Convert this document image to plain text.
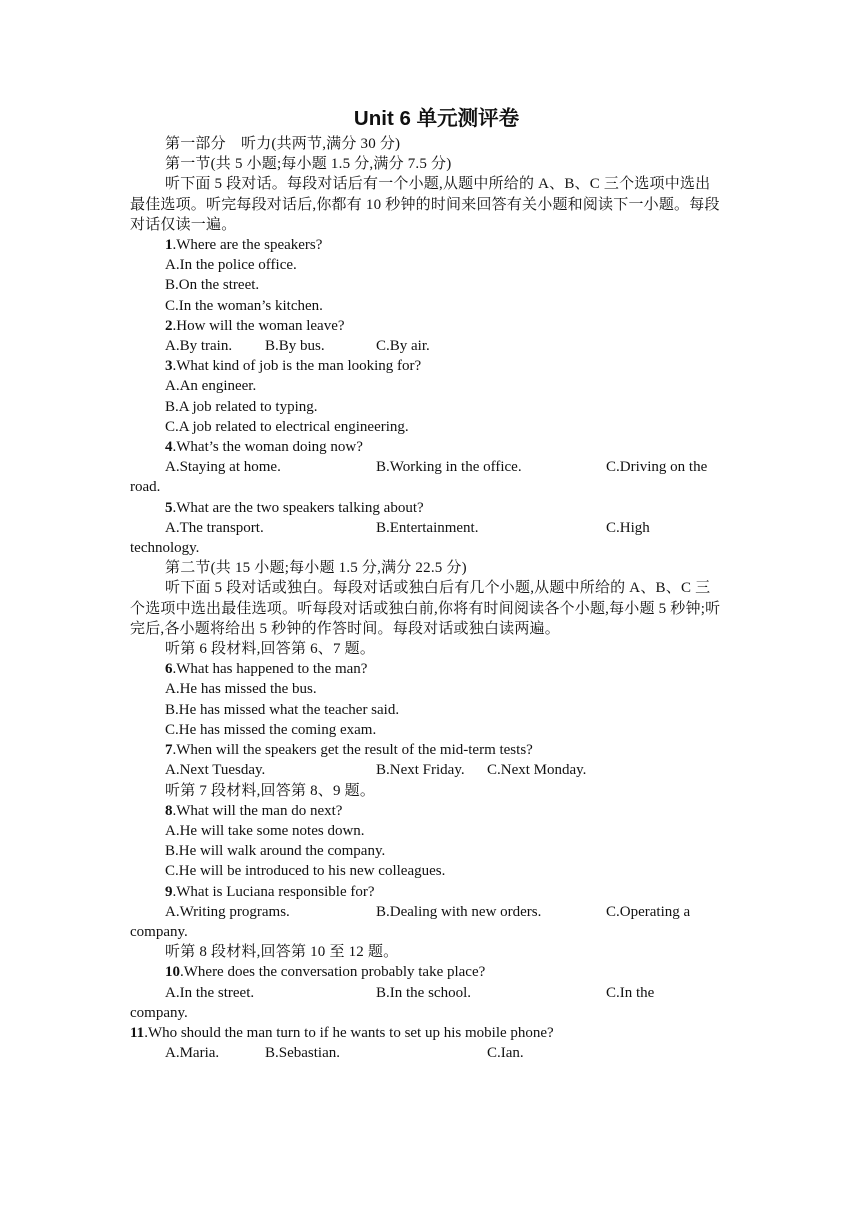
Unit 6 单元测评卷
第一部分　听力(共两节,满分 30 分)
第一节(共 5 小题;每小题 1.5 分,满分 7.5 分)
听下面 5 段对话。每段对话后有一个小题,从题中所给的 A、B、C 三个选项中选出最佳选项。听完每段对话后,你都有 10 秒钟的时间来回答有关小题和阅读下一小题。每段对话仅读一遍。
1.Where are the speakers?
A.In the police office.
B.On the street.
C.In the woman’s kitchen.
2.How will the woman leave?
A.By train. B.By bus.	C.By air.
3.What kind of job is the man looking for?
A.An engineer.
B.A job related to typing.
C.A job related to electrical engineering.
4.What’s the woman doing now?
A.Staying at home.	B.Working in the office.	C.Driving on the
road.
5.What are the two speakers talking about?
A.The transport.	B.Entertainment.	C.High
technology.
第二节(共 15 小题;每小题 1.5 分,满分 22.5 分)
听下面 5 段对话或独白。每段对话或独白后有几个小题,从题中所给的 A、B、C 三个选项中选出最佳选项。听每段对话或独白前,你将有时间阅读各个小题,每小题 5 秒钟;听完后,各小题将给出 5 秒钟的作答时间。每段对话或独白读两遍。
听第 6 段材料,回答第 6、7 题。
6.What has happened to the man?
A.He has missed the bus.
B.He has missed what the teacher said.
C.He has missed the coming exam.
7.When will the speakers get the result of the mid-term tests?
A.Next Tuesday.	B.Next Friday. C.Next Monday.
听第 7 段材料,回答第 8、9 题。
8.What will the man do next?
A.He will take some notes down.
B.He will walk around the company.
C.He will be introduced to his new colleagues.
9.What is Luciana responsible for?
A.Writing programs.	B.Dealing with new orders.	C.Operating a
company.
听第 8 段材料,回答第 10 至 12 题。
10.Where does the conversation probably take place?
A.In the street.	B.In the school.	C.In the
company.
11.Who should the man turn to if he wants to set up his mobile phone?
A.Maria.	B.Sebastian.	C.Ian.
